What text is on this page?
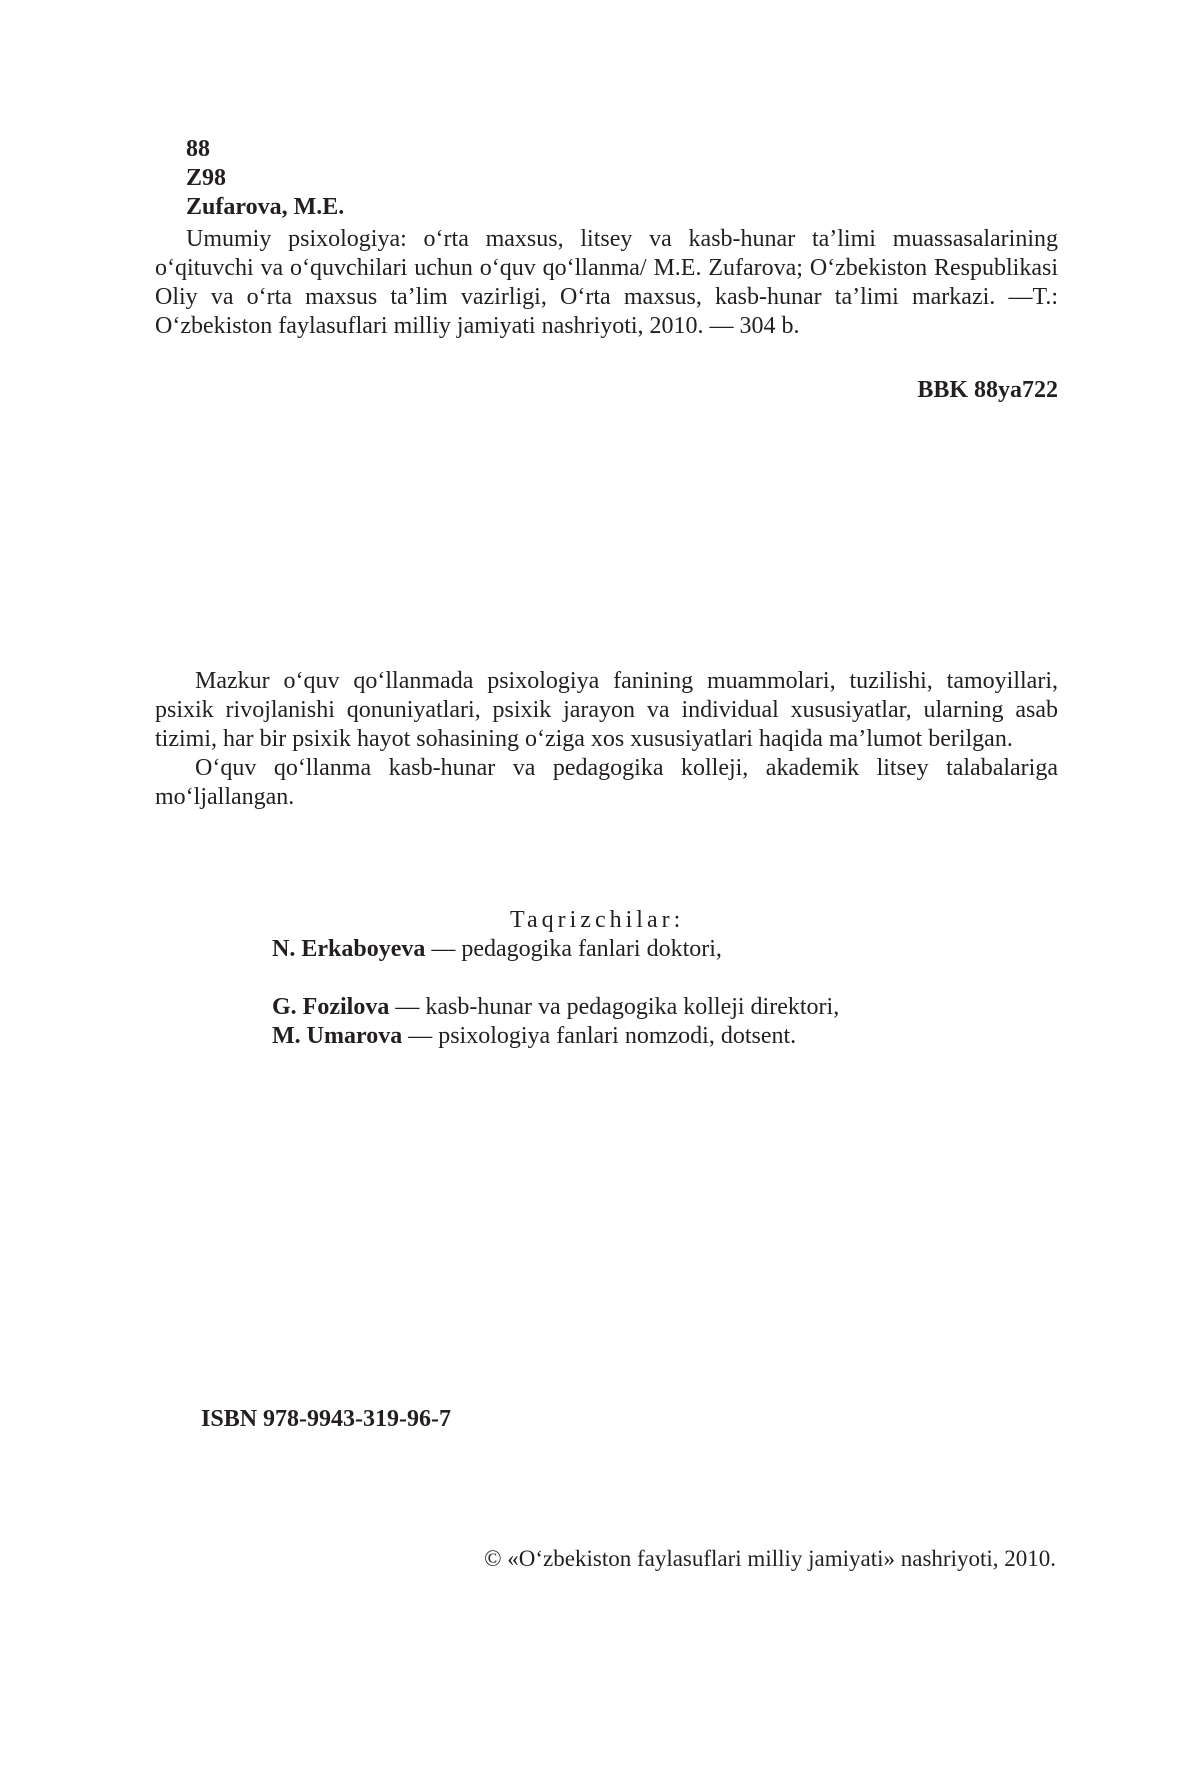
88
Z98
Zufarova, M.E.

Umumiy psixologiya: o‘rta maxsus, litsey va kasb-hunar ta’limi muassasalarining o‘qituvchi va o‘quvchilari uchun o‘quv qo‘llanma/ M.E. Zufarova; O‘zbekiston Respublikasi Oliy va o‘rta maxsus ta’lim vazirligi, O‘rta maxsus, kasb-hunar ta’limi markazi. —T.: O‘zbekiston faylasuflari milliy jamiyati nashriyoti, 2010. — 304 b.

BBK 88ya722

Mazkur o‘quv qo‘llanmada psixologiya fanining muammolari, tuzilishi, tamoyillari, psixik rivojlanishi qonuniyatlari, psixik jarayon va individual xususiyatlar, ularning asab tizimi, har bir psixik hayot sohasining o‘ziga xos xususiyatlari haqida ma’lumot berilgan.

O‘quv qo‘llanma kasb-hunar va pedagogika kolleji, akademik litsey talabalariga mo‘ljallangan.

Taqrizchilar:
N. Erkaboyeva — pedagogika fanlari doktori,
G. Fozilova — kasb-hunar va pedagogika kolleji direktori,
M. Umarova — psixologiya fanlari nomzodi, dotsent.
ISBN 978-9943-319-96-7
© «O‘zbekiston faylasuflari milliy jamiyati» nashriyoti, 2010.
